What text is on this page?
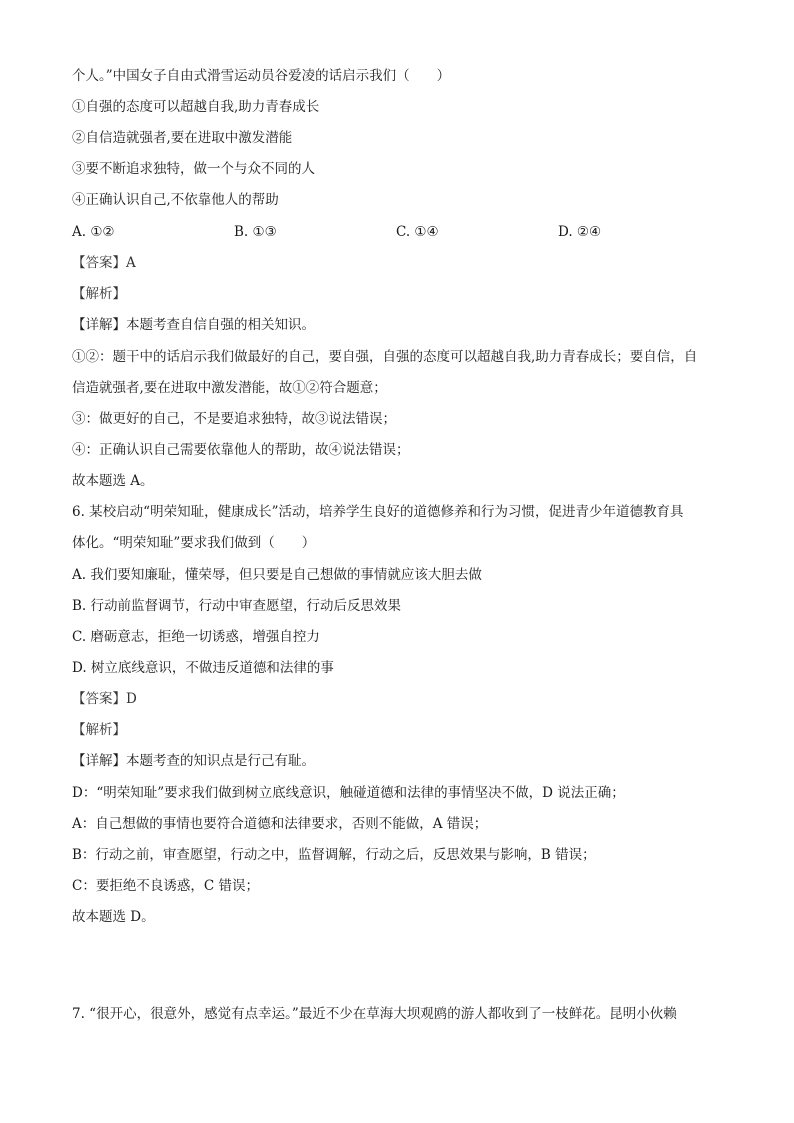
个人。”中国女子自由式滑雪运动员谷爱凌的话启示我们（　　）
①自强的态度可以超越自我,助力青春成长
②自信造就强者,要在进取中激发潜能
③要不断追求独特，做一个与众不同的人
④正确认识自己,不依靠他人的帮助
A. ①②	B. ①③	C. ①④	D. ②④
【答案】A
【解析】
【详解】本题考查自信自强的相关知识。
①②：题干中的话启示我们做最好的自己，要自强，自强的态度可以超越自我,助力青春成长；要自信，自
信造就强者,要在进取中激发潜能，故①②符合题意；
③：做更好的自己，不是要追求独特，故③说法错误；
④：正确认识自己需要依靠他人的帮助，故④说法错误；
故本题选 A。
6. 某校启动“明荣知耻，健康成长”活动，培养学生良好的道德修养和行为习惯，促进青少年道德教育具
体化。“明荣知耻”要求我们做到（　　）
A. 我们要知廉耻，懂荣辱，但只要是自己想做的事情就应该大胆去做
B. 行动前监督调节，行动中审查愿望，行动后反思效果
C. 磨砺意志，拒绝一切诱惑，增强自控力
D. 树立底线意识，不做违反道德和法律的事
【答案】D
【解析】
【详解】本题考查的知识点是行己有耻。
D：“明荣知耻”要求我们做到树立底线意识，触碰道德和法律的事情坚决不做，D 说法正确；
A：自己想做的事情也要符合道德和法律要求，否则不能做，A 错误；
B：行动之前，审查愿望，行动之中，监督调解，行动之后，反思效果与影响，B 错误；
C：要拒绝不良诱惑，C 错误；
故本题选 D。
7. “很开心，很意外，感觉有点幸运。”最近不少在草海大坝观鸥的游人都收到了一枝鲜花。昆明小伙赖
